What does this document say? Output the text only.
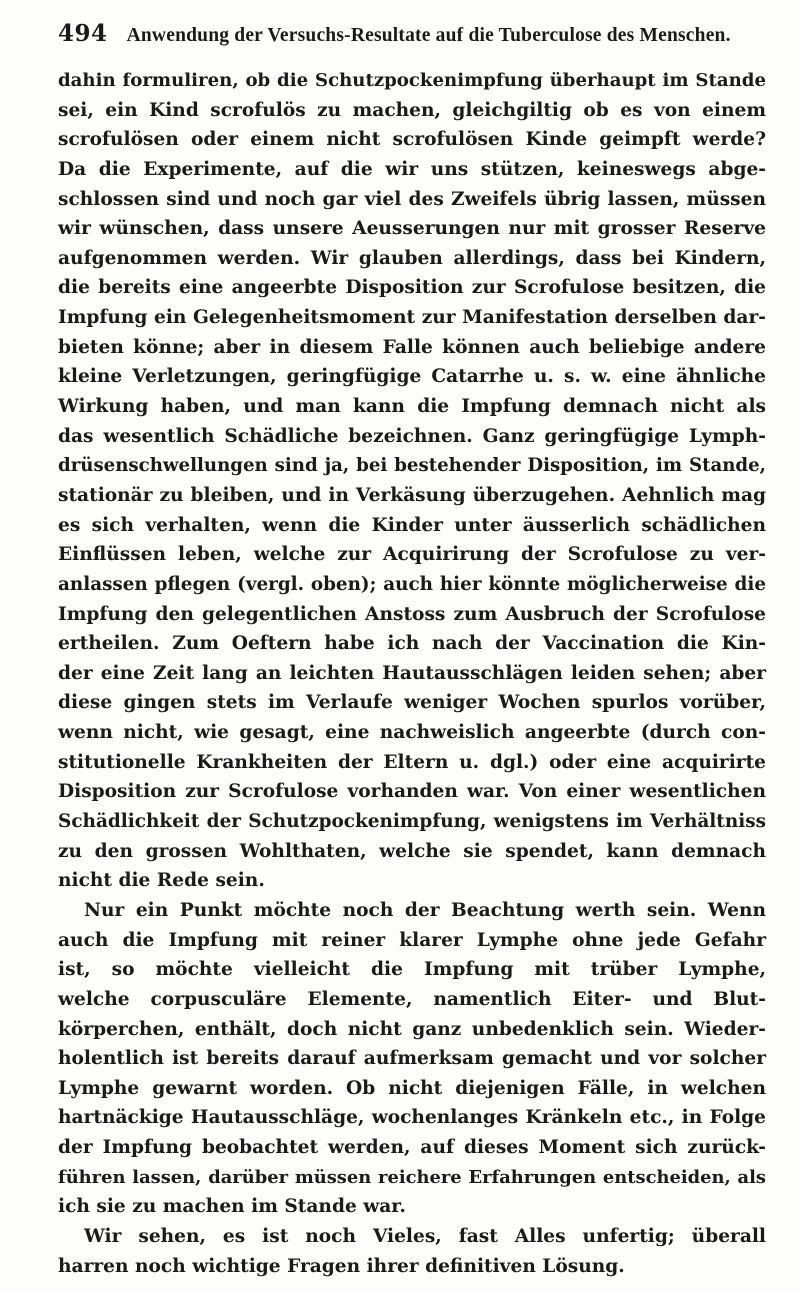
494 Anwendung der Versuchs-Resultate auf die Tuberculose des Menschen.
dahin formuliren, ob die Schutzpockenimpfung überhaupt im Stande
sei, ein Kind scrofulös zu machen, gleichgiltig ob es von einem
scrofulösen oder einem nicht scrofulösen Kinde geimpft werde?
Da die Experimente, auf die wir uns stützen, keineswegs abge-
schlossen sind und noch gar viel des Zweifels übrig lassen, müssen
wir wünschen, dass unsere Aeusserungen nur mit grosser Reserve
aufgenommen werden. Wir glauben allerdings, dass bei Kindern,
die bereits eine angeerbte Disposition zur Scrofulose besitzen, die
Impfung ein Gelegenheitsmoment zur Manifestation derselben dar-
bieten könne; aber in diesem Falle können auch beliebige andere
kleine Verletzungen, geringfügige Catarrhe u. s. w. eine ähnliche
Wirkung haben, und man kann die Impfung demnach nicht als
das wesentlich Schädliche bezeichnen. Ganz geringfügige Lymph-
drüsenschwellungen sind ja, bei bestehender Disposition, im Stande,
stationär zu bleiben, und in Verkäsung überzugehen. Aehnlich mag
es sich verhalten, wenn die Kinder unter äusserlich schädlichen
Einflüssen leben, welche zur Acquirirung der Scrofulose zu ver-
anlassen pflegen (vergl. oben); auch hier könnte möglicherweise die
Impfung den gelegentlichen Anstoss zum Ausbruch der Scrofulose
ertheilen. Zum Oeftern habe ich nach der Vaccination die Kin-
der eine Zeit lang an leichten Hautausschlägen leiden sehen; aber
diese gingen stets im Verlaufe weniger Wochen spurlos vorüber,
wenn nicht, wie gesagt, eine nachweislich angeerbte (durch con-
stitutionelle Krankheiten der Eltern u. dgl.) oder eine acquirirte
Disposition zur Scrofulose vorhanden war. Von einer wesentlichen
Schädlichkeit der Schutzpockenimpfung, wenigstens im Verhältniss
zu den grossen Wohlthaten, welche sie spendet, kann demnach
nicht die Rede sein.
Nur ein Punkt möchte noch der Beachtung werth sein. Wenn
auch die Impfung mit reiner klarer Lymphe ohne jede Gefahr
ist, so möchte vielleicht die Impfung mit trüber Lymphe,
welche corpusculäre Elemente, namentlich Eiter- und Blut-
körperchen, enthält, doch nicht ganz unbedenklich sein. Wieder-
holentlich ist bereits darauf aufmerksam gemacht und vor solcher
Lymphe gewarnt worden. Ob nicht diejenigen Fälle, in welchen
hartnäckige Hautausschläge, wochenlanges Kränkeln etc., in Folge
der Impfung beobachtet werden, auf dieses Moment sich zurück-
führen lassen, darüber müssen reichere Erfahrungen entscheiden, als
ich sie zu machen im Stande war.
Wir sehen, es ist noch Vieles, fast Alles unfertig; überall
harren noch wichtige Fragen ihrer definitiven Lösung.
